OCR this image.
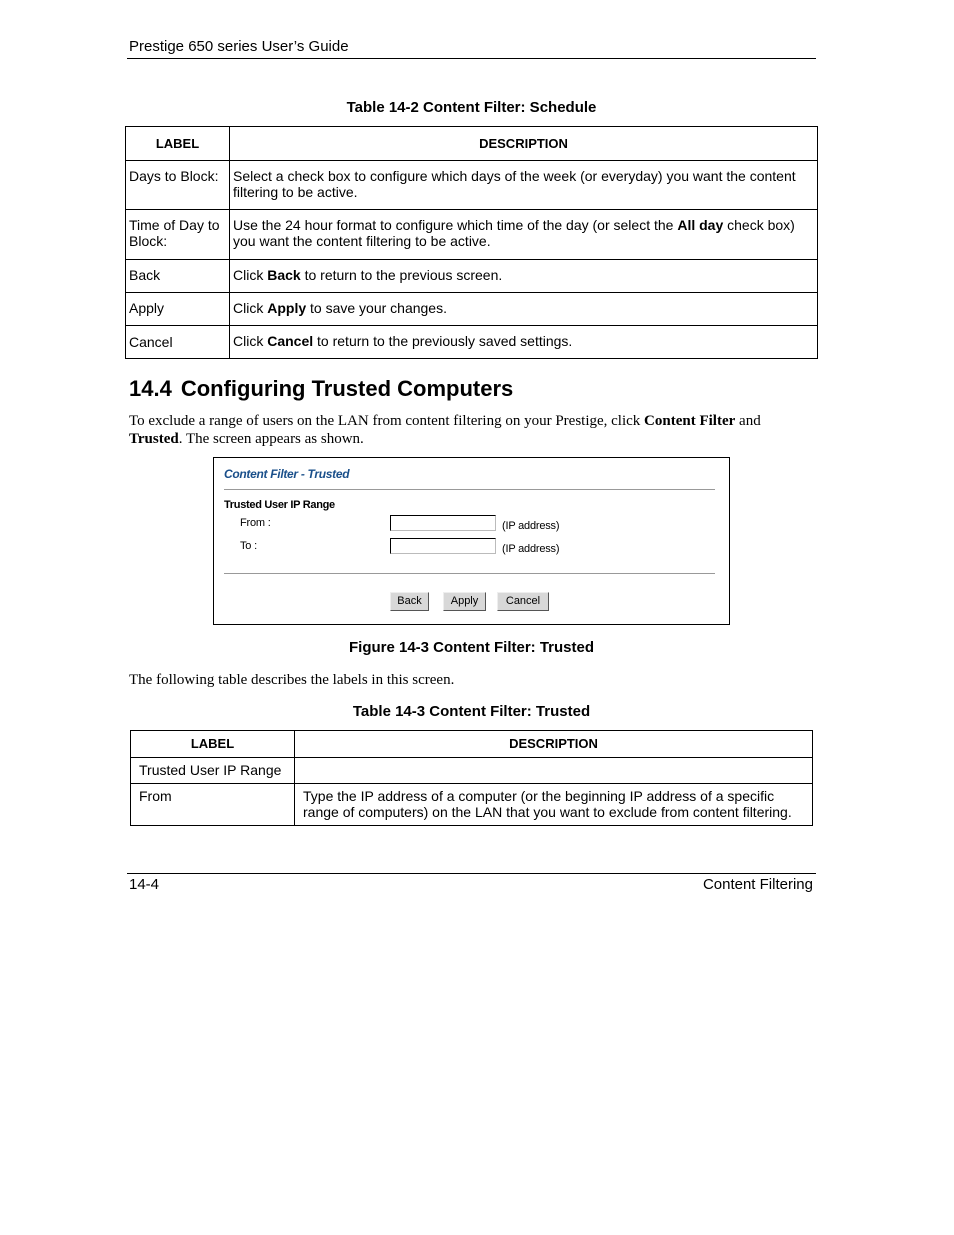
Prestige 650 series User’s Guide
Table 14-2 Content Filter: Schedule
LABEL	DESCRIPTION

Days to Block:	Select a check box to configure which days of the week (or everyday) you want the content filtering to be active.

Time of Day to Block:	Use the 24 hour format to configure which time of the day (or select the All day check box) you want the content filtering to be active.

Back	Click Back to return to the previous screen.

Apply	Click Apply to save your changes.

Cancel	Click Cancel to return to the previously saved settings.
14.4 Configuring Trusted Computers
To exclude a range of users on the LAN from content filtering on your Prestige, click Content Filter and Trusted. The screen appears as shown.
Content Filter - Trusted
Trusted User IP Range
From :	(IP address)
To :	(IP address)
Back	Apply	Cancel
Figure 14-3 Content Filter: Trusted
The following table describes the labels in this screen.
Table 14-3 Content Filter: Trusted
LABEL	DESCRIPTION

Trusted User IP Range	

From	Type the IP address of a computer (or the beginning IP address of a specific range of computers) on the LAN that you want to exclude from content filtering.
14-4	Content Filtering
